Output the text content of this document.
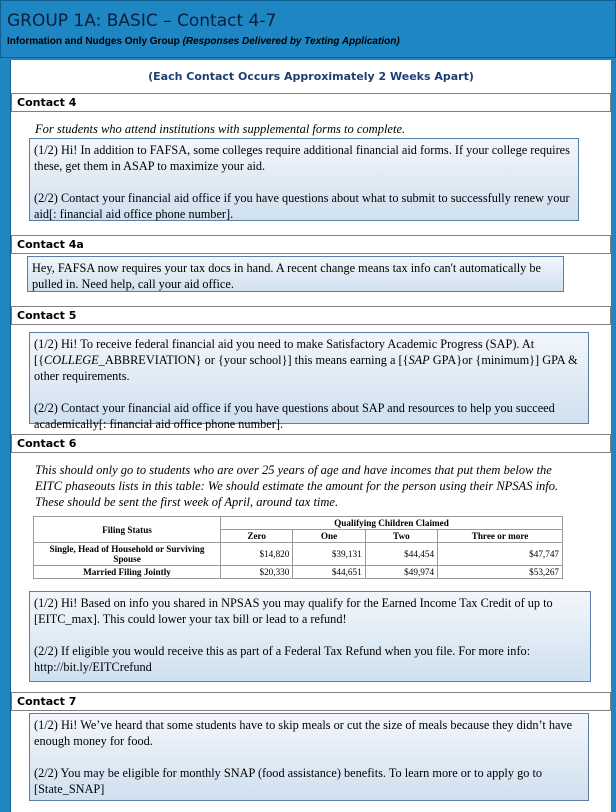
GROUP 1A: BASIC – Contact 4-7
Information and Nudges Only Group (Responses Delivered by Texting Application)
(Each Contact Occurs Approximately 2 Weeks Apart)
Contact 4
For students who attend institutions with supplemental forms to complete.

(1/2) Hi! In addition to FAFSA, some colleges require additional financial aid forms. If your college requires these, get them in ASAP to maximize your aid.

(2/2) Contact your financial aid office if you have questions about what to submit to successfully renew your aid[: financial aid office phone number].

Contact 4a

Hey, FAFSA now requires your tax docs in hand. A recent change means tax info can't automatically be pulled in. Need help, call your aid office.

Contact 5

(1/2) Hi! To receive federal financial aid you need to make Satisfactory Academic Progress (SAP). At [{COLLEGE_ABBREVIATION} or {your school}] this means earning a [{SAP GPA}or {minimum}] GPA & other requirements.

(2/2) Contact your financial aid office if you have questions about SAP and resources to help you succeed academically[: financial aid office phone number].

Contact 6
This should only go to students who are over 25 years of age and have incomes that put them below the EITC phaseouts lists in this table: We should estimate the amount for the person using their NPSAS info. These should be sent the first week of April, around tax time.
Filing Status	Qualifying Children Claimed			
	Zero	One	Two	Three or more
Single, Head of Household or Surviving Spouse	$14,820	$39,131	$44,454	$47,747
Married Filing Jointly	$20,330	$44,651	$49,974	$53,267

(1/2) Hi! Based on info you shared in NPSAS you may qualify for the Earned Income Tax Credit of up to [EITC_max]. This could lower your tax bill or lead to a refund!

(2/2) If eligible you would receive this as part of a Federal Tax Refund when you file. For more info: http://bit.ly/EITCrefund

Contact 7

(1/2) Hi! We’ve heard that some students have to skip meals or cut the size of meals because they didn’t have enough money for food.

(2/2) You may be eligible for monthly SNAP (food assistance) benefits. To learn more or to apply go to [State_SNAP]
